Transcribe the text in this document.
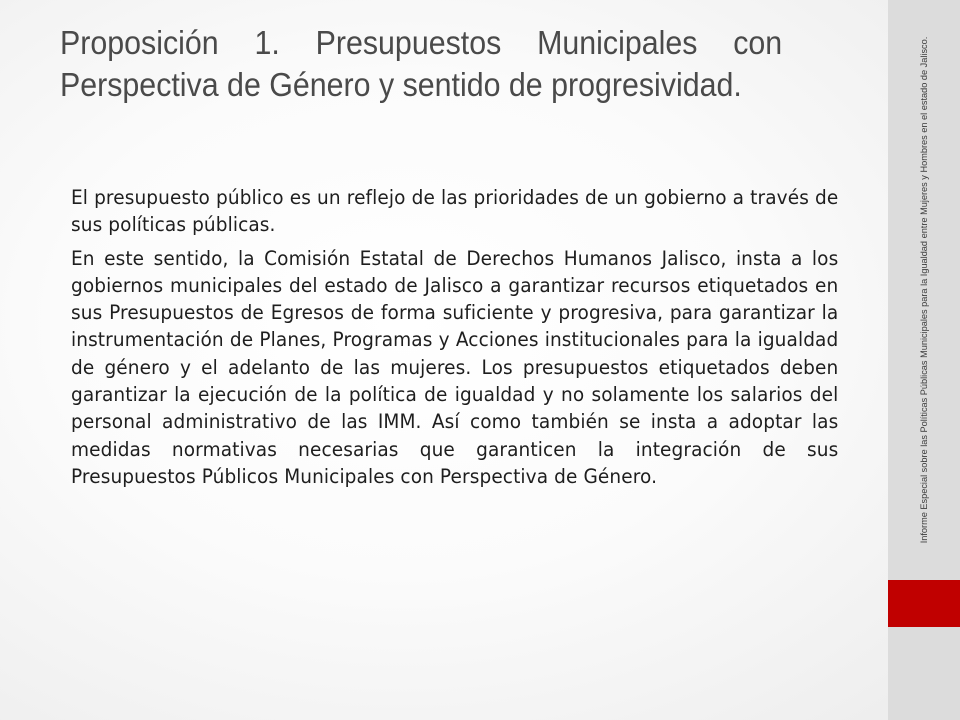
Proposición 1. Presupuestos Municipales con Perspectiva de Género y sentido de progresividad.

El presupuesto público es un reflejo de las prioridades de un gobierno a través de sus políticas públicas.

En este sentido, la Comisión Estatal de Derechos Humanos Jalisco, insta a los gobiernos municipales del estado de Jalisco a garantizar recursos etiquetados en sus Presupuestos de Egresos de forma suficiente y progresiva, para garantizar la instrumentación de Planes, Programas y Acciones institucionales para la igualdad de género y el adelanto de las mujeres. Los presupuestos etiquetados deben garantizar la ejecución de la política de igualdad y no solamente los salarios del personal administrativo de las IMM. Así como también se insta a adoptar las medidas normativas necesarias que garanticen la integración de sus Presupuestos Públicos Municipales con Perspectiva de Género.	Informe Especial sobre las Políticas Públicas Municipales para la Igualdad entre Mujeres y Hombres en el estado de Jalisco.
